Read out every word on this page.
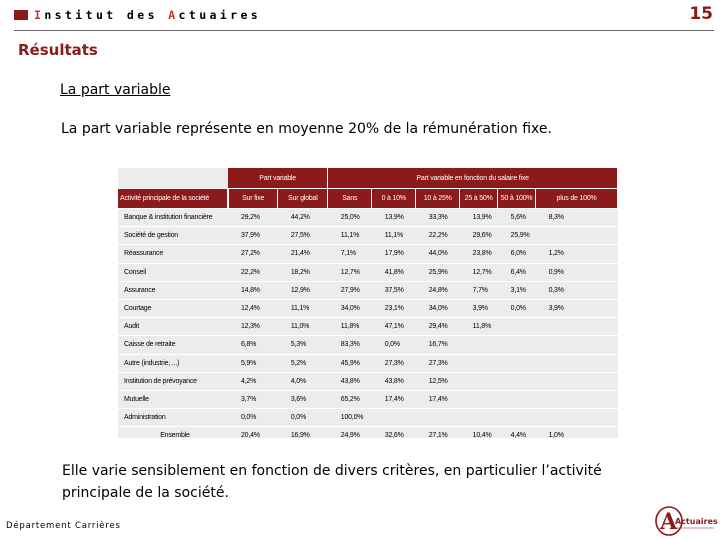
Institut des Actuaires	15
Résultats
La part variable
La part variable représente en moyenne 20% de la rémunération fixe.
	Part variable		Part variable en fonction du salaire fixe					
Activité principale de la société	Sur fixe	Sur global	Sans	0 à 10%	10 à 25%	25 à 50%	50 à 100%	plus de 100%
Banque & institution financière	29,2%	44,2%	25,0%	13,9%	33,3%	13,9%	5,6%	8,3%
Société de gestion	37,9%	27,5%	11,1%	11,1%	22,2%	29,6%	25,9%	
Réassurance	27,2%	21,4%	7,1%	17,9%	44,0%	23,8%	6,0%	1,2%
Conseil	22,2%	18,2%	12,7%	41,8%	25,9%	12,7%	6,4%	0,9%
Assurance	14,8%	12,9%	27,9%	37,5%	24,8%	7,7%	3,1%	0,3%
Courtage	12,4%	11,1%	34,0%	23,1%	34,0%	3,9%	0,0%	3,9%
Audit	12,3%	11,0%	11,8%	47,1%	29,4%	11,8%		
Caisse de retraite	6,8%	5,3%	83,3%	0,0%	16,7%			
Autre (industrie, ...)	5,9%	5,2%	45,9%	27,3%	27,3%			
Institution de prévoyance	4,2%	4,0%	43,8%	43,8%	12,5%			
Mutuelle	3,7%	3,6%	65,2%	17,4%	17,4%			
Administration	0,0%	0,0%	100,0%					
Ensemble	20,4%	16,9%	24,9%	32,6%	27,1%	10,4%	4,4%	1,0%
Elle varie sensiblement en fonction de divers critères, en particulier l’activité principale de la société.
Département Carrières	A
Actuaires
